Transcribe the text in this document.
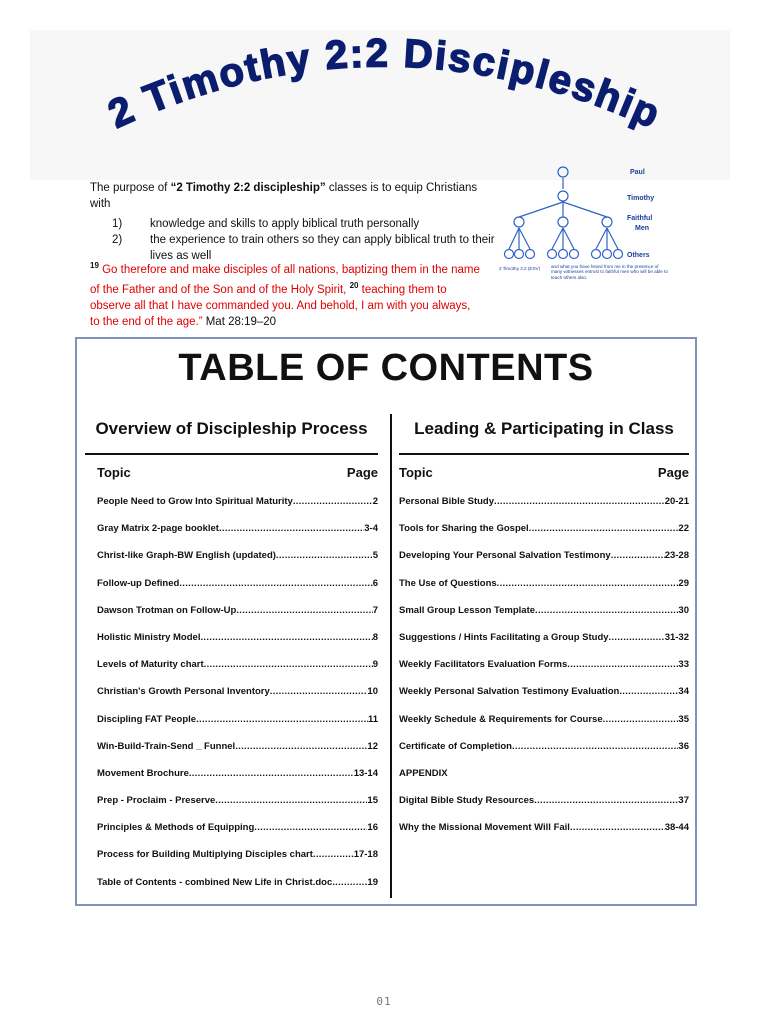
2 Timothy 2:2 Discipleship

The purpose of “2 Timothy 2:2 discipleship” classes is to equip Christians with

1)	knowledge and skills to apply biblical truth personally
2)	the experience to train others so they can apply biblical truth to their lives as well
$^{19}$ Go therefore and make disciples of all nations, baptizing them in the name of the Father and of the Son and of the Holy Spirit, $^{20}$ teaching them to observe all that I have commanded you. And behold, I am with you always, to the end of the age.” Mat 28:19–20
Paul
Timothy
Faithful
Men
Others
2 Timothy 2:2 (ESV) and what you have heard from me in the presence of many witnesses entrust to faithful men who will be able to teach others also.
TABLE OF CONTENTS
Overview of Discipleship Process
Topic	Page
People Need to Grow Into Spiritual Maturity .....	2
Gray Matrix 2-page booklet .....	3-4
Christ-like Graph-BW English (updated) .....	5
Follow-up Defined .....	6
Dawson Trotman on Follow-Up .....	7
Holistic Ministry Model .....	8
Levels of Maturity chart .....	9
Christian's Growth Personal Inventory .....	10
Discipling FAT People .....	11
Win-Build-Train-Send _ Funnel .....	12
Movement Brochure .....	13-14
Prep - Proclaim - Preserve .....	15
Principles & Methods of Equipping .....	16
Process for Building Multiplying Disciples chart .....	17-18
Table of Contents - combined New Life in Christ.doc .....	19
Leading & Participating in Class
Topic	Page
Personal Bible Study .....	20-21
Tools for Sharing the Gospel .....	22
Developing Your Personal Salvation Testimony .....	23-28
The Use of Questions .....	29
Small Group Lesson Template .....	30
Suggestions / Hints Facilitating a Group Study .....	31-32
Weekly Facilitators Evaluation Forms .....	33
Weekly Personal Salvation Testimony Evaluation .....	34
Weekly Schedule & Requirements for Course .....	35
Certificate of Completion .....	36
APPENDIX
Digital Bible Study Resources .....	37
Why the Missional Movement Will Fail .....	38-44
01
